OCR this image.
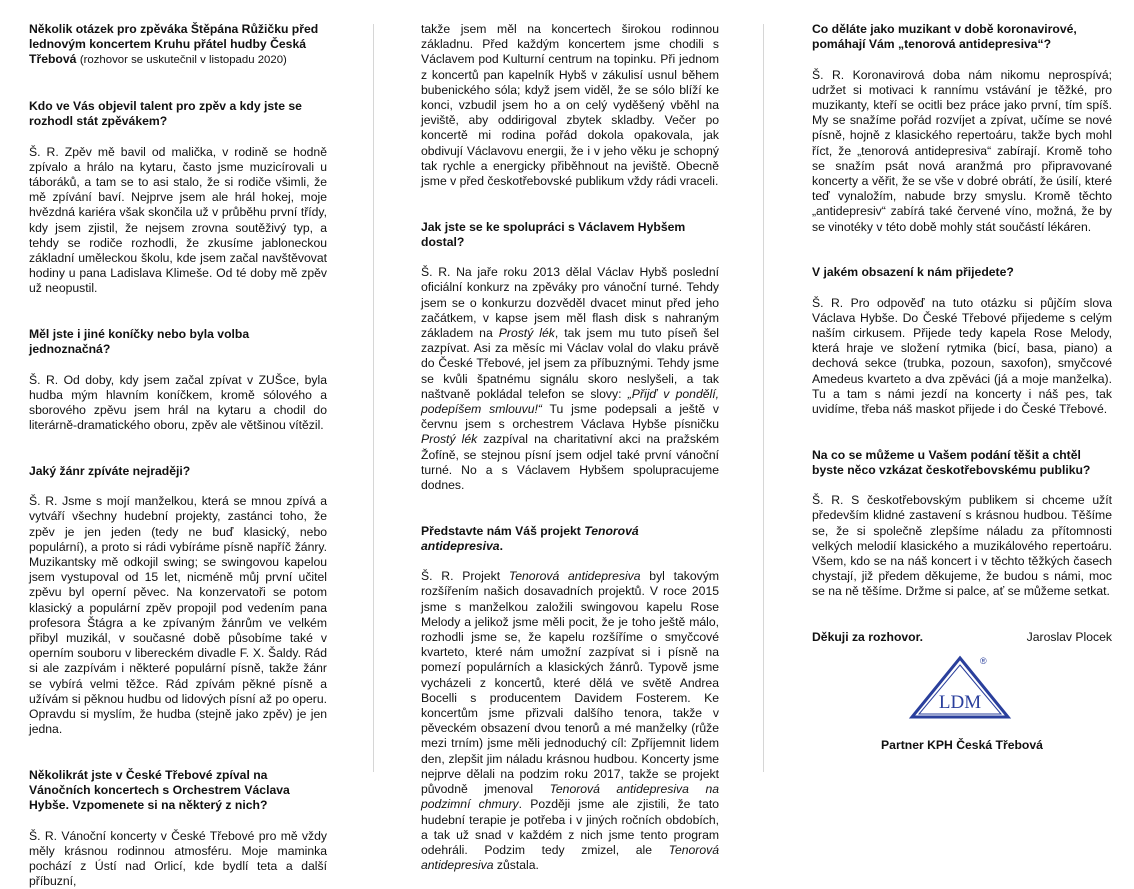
Několik otázek pro zpěváka Štěpána Růžičku před lednovým koncertem Kruhu přátel hudby Česká Třebová (rozhovor se uskutečnil v listopadu 2020)

Kdo ve Vás objevil talent pro zpěv a kdy jste se rozhodl stát zpěvákem?

Š. R. Zpěv mě bavil od malička, v rodině se hodně zpívalo a hrálo na kytaru, často jsme muzicírovali u táboráků, a tam se to asi stalo, že si rodiče všimli, že mě zpívání baví. Nejprve jsem ale hrál hokej, moje hvězdná kariéra však skončila už v průběhu první třídy, kdy jsem zjistil, že nejsem zrovna soutěživý typ, a tehdy se rodiče rozhodli, že zkusíme jabloneckou základní uměleckou školu, kde jsem začal navštěvovat hodiny u pana Ladislava Klimeše. Od té doby mě zpěv už neopustil.

Měl jste i jiné koníčky nebo byla volba jednoznačná?

Š. R. Od doby, kdy jsem začal zpívat v ZUŠce, byla hudba mým hlavním koníčkem, kromě sólového a sborového zpěvu jsem hrál na kytaru a chodil do literárně-dramatického oboru, zpěv ale většinou vítězil.

Jaký žánr zpíváte nejraději?

Š. R. Jsme s mojí manželkou, která se mnou zpívá a vytváří všechny hudební projekty, zastánci toho, že zpěv je jen jeden (tedy ne buď klasický, nebo populární), a proto si rádi vybíráme písně napříč žánry. Muzikantsky mě odkojil swing; se swingovou kapelou jsem vystupoval od 15 let, nicméně můj první učitel zpěvu byl operní pěvec. Na konzervatoři se potom klasický a populární zpěv propojil pod vedením pana profesora Štágra a ke zpívaným žánrům ve velkém přibyl muzikál, v současné době působíme také v operním souboru v libereckém divadle F. X. Šaldy. Rád si ale zazpívám i některé populární písně, takže žánr se vybírá velmi těžce. Rád zpívám pěkné písně a užívám si pěknou hudbu od lidových písní až po operu. Opravdu si myslím, že hudba (stejně jako zpěv) je jen jedna.

Několikrát jste v České Třebové zpíval na Vánočních koncertech s Orchestrem Václava Hybše. Vzpomenete si na některý z nich?

Š. R. Vánoční koncerty v České Třebové pro mě vždy měly krásnou rodinnou atmosféru. Moje maminka pochází z Ústí nad Orlicí, kde bydlí teta a další příbuzní,

takže jsem měl na koncertech širokou rodinnou základnu. Před každým koncertem jsme chodili s Václavem pod Kulturní centrum na topinku. Při jednom z koncertů pan kapelník Hybš v zákulisí usnul během bubenického sóla; když jsem viděl, že se sólo blíží ke konci, vzbudil jsem ho a on celý vyděšený vběhl na jeviště, aby oddirigoval zbytek skladby. Večer po koncertě mi rodina pořád dokola opakovala, jak obdivují Václavovu energii, že i v jeho věku je schopný tak rychle a energicky přiběhnout na jeviště. Obecně jsme v před českotřebovské publikum vždy rádi vraceli.

Jak jste se ke spolupráci s Václavem Hybšem dostal?

Š. R. Na jaře roku 2013 dělal Václav Hybš poslední oficiální konkurz na zpěváky pro vánoční turné. Tehdy jsem se o konkurzu dozvěděl dvacet minut před jeho začátkem, v kapse jsem měl flash disk s nahraným základem na Prostý lék, tak jsem mu tuto píseň šel zazpívat. Asi za měsíc mi Václav volal do vlaku právě do České Třebové, jel jsem za příbuznými. Tehdy jsme se kvůli špatnému signálu skoro neslyšeli, a tak naštvaně pokládal telefon se slovy: „Přijď v pondělí, podepíšem smlouvu!“ Tu jsme podepsali a ještě v červnu jsem s orchestrem Václava Hybše písničku Prostý lék zazpíval na charitativní akci na pražském Žofíně, se stejnou písní jsem odjel také první vánoční turné. No a s Václavem Hybšem spolupracujeme dodnes.

Představte nám Váš projekt Tenorová antidepresiva.

Š. R. Projekt Tenorová antidepresiva byl takovým rozšířením našich dosavadních projektů. V roce 2015 jsme s manželkou založili swingovou kapelu Rose Melody a jelikož jsme měli pocit, že je toho ještě málo, rozhodli jsme se, že kapelu rozšíříme o smyčcové kvarteto, které nám umožní zazpívat si i písně na pomezí populárních a klasických žánrů. Typově jsme vycházeli z koncertů, které dělá ve světě Andrea Bocelli s producentem Davidem Fosterem. Ke koncertům jsme přizvali dalšího tenora, takže v pěveckém obsazení dvou tenorů a mé manželky (růže mezi trním) jsme měli jednoduchý cíl: Zpříjemnit lidem den, zlepšit jim náladu krásnou hudbou. Koncerty jsme nejprve dělali na podzim roku 2017, takže se projekt původně jmenoval Tenorová antidepresiva na podzimní chmury. Později jsme ale zjistili, že tato hudební terapie je potřeba i v jiných ročních obdobích, a tak už snad v každém z nich jsme tento program odehráli. Podzim tedy zmizel, ale Tenorová antidepresiva zůstala.

Co děláte jako muzikant v době koronavirové, pomáhají Vám „tenorová antidepresiva“?

Š. R. Koronavirová doba nám nikomu neprospívá; udržet si motivaci k rannímu vstávání je těžké, pro muzikanty, kteří se ocitli bez práce jako první, tím spíš. My se snažíme pořád rozvíjet a zpívat, učíme se nové písně, hojně z klasického repertoáru, takže bych mohl říct, že „tenorová antidepresiva“ zabírají. Kromě toho se snažím psát nová aranžmá pro připravované koncerty a věřit, že se vše v dobré obrátí, že úsilí, které teď vynaložím, nabude brzy smyslu. Kromě těchto „antidepresiv“ zabírá také červené víno, možná, že by se vinotéky v této době mohly stát součástí lékáren.

V jakém obsazení k nám přijedete?

Š. R. Pro odpověď na tuto otázku si půjčím slova Václava Hybše. Do České Třebové přijedeme s celým naším cirkusem. Přijede tedy kapela Rose Melody, která hraje ve složení rytmika (bicí, basa, piano) a dechová sekce (trubka, pozoun, saxofon), smyčcové Amedeus kvarteto a dva zpěváci (já a moje manželka). Tu a tam s námi jezdí na koncerty i náš pes, tak uvidíme, třeba náš maskot přijede i do České Třebové.

Na co se můžeme u Vašem podání těšit a chtěl byste něco vzkázat českotřebovskému publiku?

Š. R. S českotřebovským publikem si chceme užít především klidné zastavení s krásnou hudbou. Těšíme se, že si společně zlepšíme náladu za přítomnosti velkých melodií klasického a muzikálového repertoáru. Všem, kdo se na náš koncert i v těchto těžkých časech chystají, již předem děkujeme, že budou s námi, moc se na ně těšíme. Držme si palce, ať se můžeme setkat.

Děkuji za rozhovor.	Jaroslav Plocek
LDM
®
Partner KPH Česká Třebová
